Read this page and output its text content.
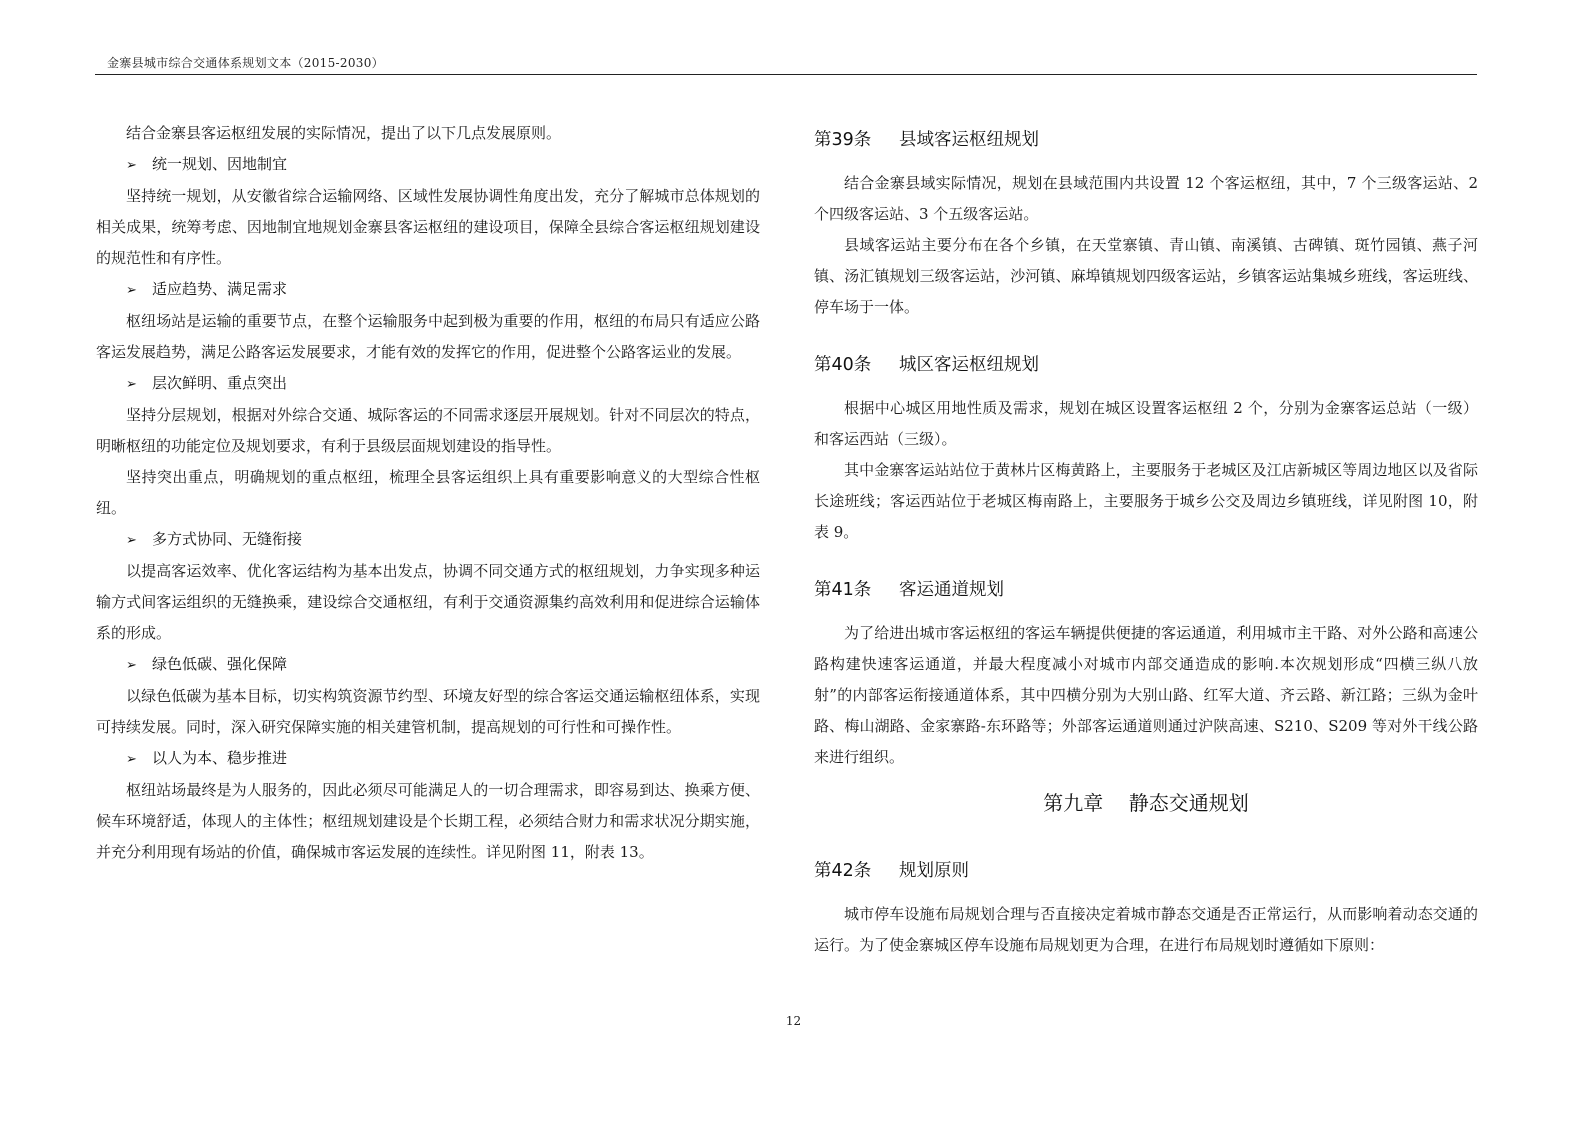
金寨县城市综合交通体系规划文本（2015-2030）

结合金寨县客运枢纽发展的实际情况，提出了以下几点发展原则。

➢ 统一规划、因地制宜

坚持统一规划，从安徽省综合运输网络、区域性发展协调性角度出发，充分了解城市总体规划的相关成果，统筹考虑、因地制宜地规划金寨县客运枢纽的建设项目，保障全县综合客运枢纽规划建设的规范性和有序性。

➢ 适应趋势、满足需求

枢纽场站是运输的重要节点，在整个运输服务中起到极为重要的作用，枢纽的布局只有适应公路客运发展趋势，满足公路客运发展要求，才能有效的发挥它的作用，促进整个公路客运业的发展。

➢ 层次鲜明、重点突出

坚持分层规划，根据对外综合交通、城际客运的不同需求逐层开展规划。针对不同层次的特点，明晰枢纽的功能定位及规划要求，有利于县级层面规划建设的指导性。

坚持突出重点，明确规划的重点枢纽，梳理全县客运组织上具有重要影响意义的大型综合性枢纽。

➢ 多方式协同、无缝衔接

以提高客运效率、优化客运结构为基本出发点，协调不同交通方式的枢纽规划，力争实现多种运输方式间客运组织的无缝换乘，建设综合交通枢纽，有利于交通资源集约高效利用和促进综合运输体系的形成。

➢ 绿色低碳、强化保障

以绿色低碳为基本目标，切实构筑资源节约型、环境友好型的综合客运交通运输枢纽体系，实现可持续发展。同时，深入研究保障实施的相关建管机制，提高规划的可行性和可操作性。

➢ 以人为本、稳步推进

枢纽站场最终是为人服务的，因此必须尽可能满足人的一切合理需求，即容易到达、换乘方便、候车环境舒适，体现人的主体性；枢纽规划建设是个长期工程，必须结合财力和需求状况分期实施，并充分利用现有场站的价值，确保城市客运发展的连续性。详见附图 11，附表 13。

第39条 县域客运枢纽规划

结合金寨县域实际情况，规划在县域范围内共设置 12 个客运枢纽，其中，7 个三级客运站、2 个四级客运站、3 个五级客运站。

县域客运站主要分布在各个乡镇，在天堂寨镇、青山镇、南溪镇、古碑镇、斑竹园镇、燕子河镇、汤汇镇规划三级客运站，沙河镇、麻埠镇规划四级客运站，乡镇客运站集城乡班线，客运班线、停车场于一体。

第40条 城区客运枢纽规划

根据中心城区用地性质及需求，规划在城区设置客运枢纽 2 个，分别为金寨客运总站（一级）和客运西站（三级）。

其中金寨客运站站位于黄林片区梅黄路上，主要服务于老城区及江店新城区等周边地区以及省际长途班线；客运西站位于老城区梅南路上，主要服务于城乡公交及周边乡镇班线，详见附图 10，附表 9。

第41条 客运通道规划

为了给进出城市客运枢纽的客运车辆提供便捷的客运通道，利用城市主干路、对外公路和高速公路构建快速客运通道，并最大程度减小对城市内部交通造成的影响.本次规划形成“四横三纵八放射”的内部客运衔接通道体系，其中四横分别为大别山路、红军大道、齐云路、新江路；三纵为金叶路、梅山湖路、金家寨路-东环路等；外部客运通道则通过沪陕高速、S210、S209 等对外干线公路来进行组织。

第九章 静态交通规划
第42条 规划原则

城市停车设施布局规划合理与否直接决定着城市静态交通是否正常运行，从而影响着动态交通的运行。为了使金寨城区停车设施布局规划更为合理，在进行布局规划时遵循如下原则：

12
